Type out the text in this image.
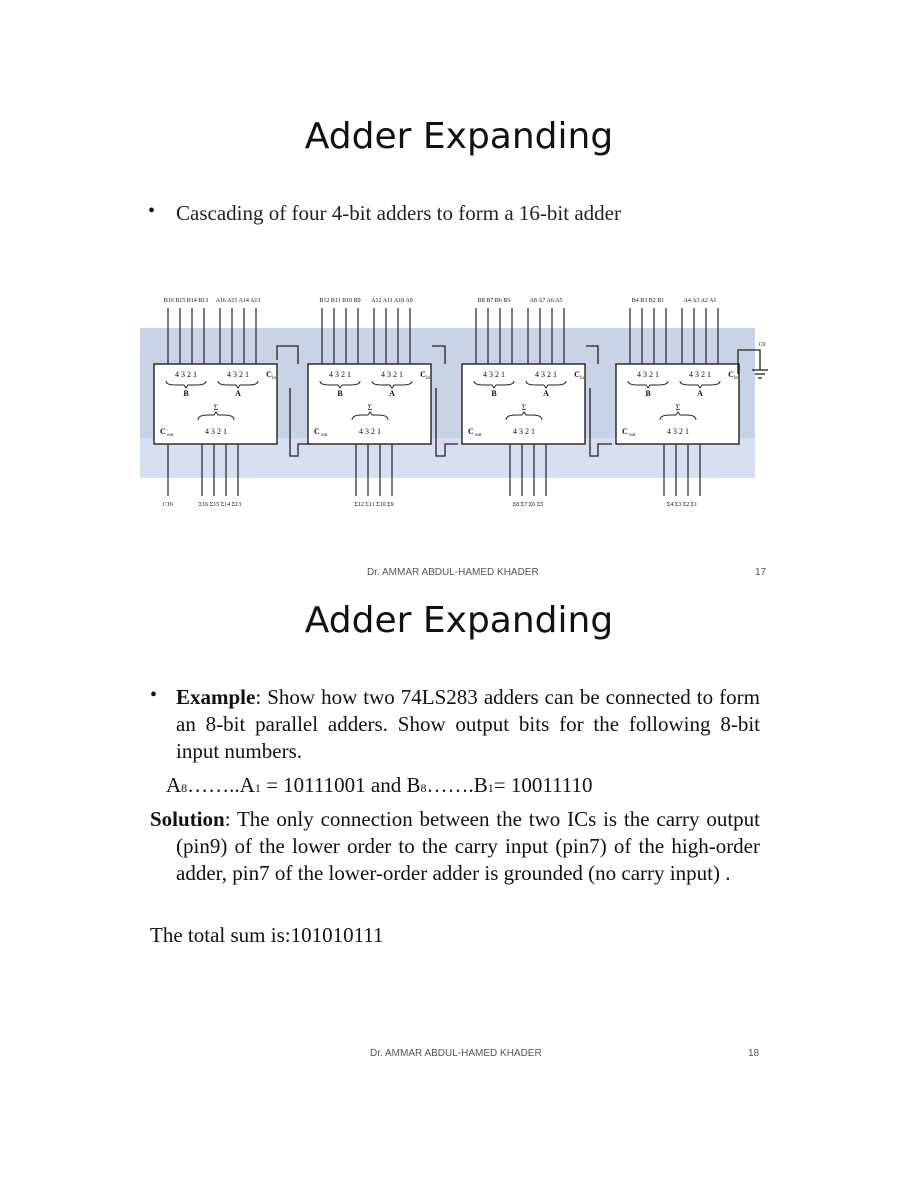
Adder Expanding
• Cascading of four 4-bit adders to form a 16-bit adder
B16 B15 B14 B13 A16 A15 A14 A13
4 3 2 1	4 3 2 1 C in
B	A
Σ
4 3 2 1
C out
Σ16 Σ15 Σ14 Σ13
B12 B11 B10 B9 A12 A11 A10 A9
4 3 2 1	4 3 2 1 C in
B	A
Σ
4 3 2 1
C out
Σ12 Σ11 Σ10 Σ9
B8 B7 B6 B5	A8 A7 A6 A5
4 3 2 1	4 3 2 1 C in
B	A
Σ
4 3 2 1
C out
Σ8 Σ7 Σ6 Σ5
B4 B3 B2 B1	A4 A3 A2 A1
4 3 2 1	4 3 2 1 C in
B	A
Σ
4 3 2 1
C out
Σ4 Σ3 Σ2 Σ1
C16
C0
Dr. AMMAR ABDUL-HAMED KHADER	17
Adder Expanding
• Example: Show how two 74LS283 adders can be connected to form an 8-bit parallel adders. Show output bits for the following 8-bit input numbers.
A8……..A1 = 10111001 and B8…….B1= 10011110
Solution: The only connection between the two ICs is the carry output (pin9) of the lower order to the carry input (pin7) of the high-order adder, pin7 of the lower-order adder is grounded (no carry input) .
The total sum is:101010111
Dr. AMMAR ABDUL-HAMED KHADER	18
